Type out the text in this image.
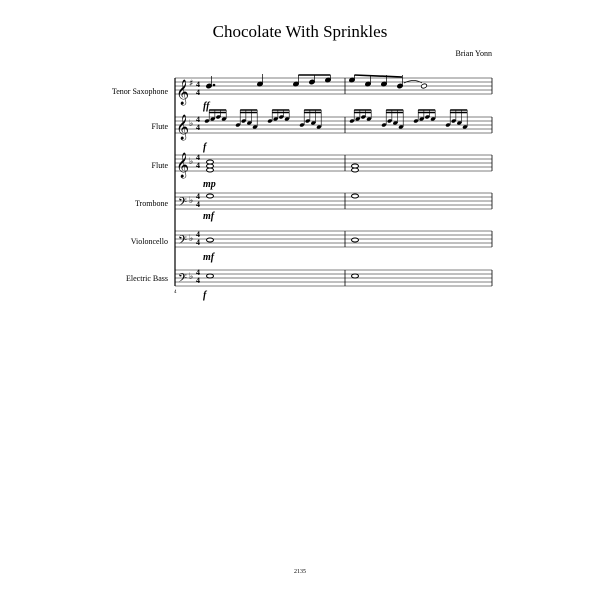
Chocolate With Sprinkles
Brian Yonn
Tenor Saxophone
Flute
Flute
Trombone
Violoncello
Electric Bass
4
𝄞
𝄞
𝄞
𝄢
𝄢
𝄢
♯
♭
♭
♭
♭
♭
4
4
4
4
4
4
4
4
4
4
4
4
ff
f
mp
mf
mf
f
2135
